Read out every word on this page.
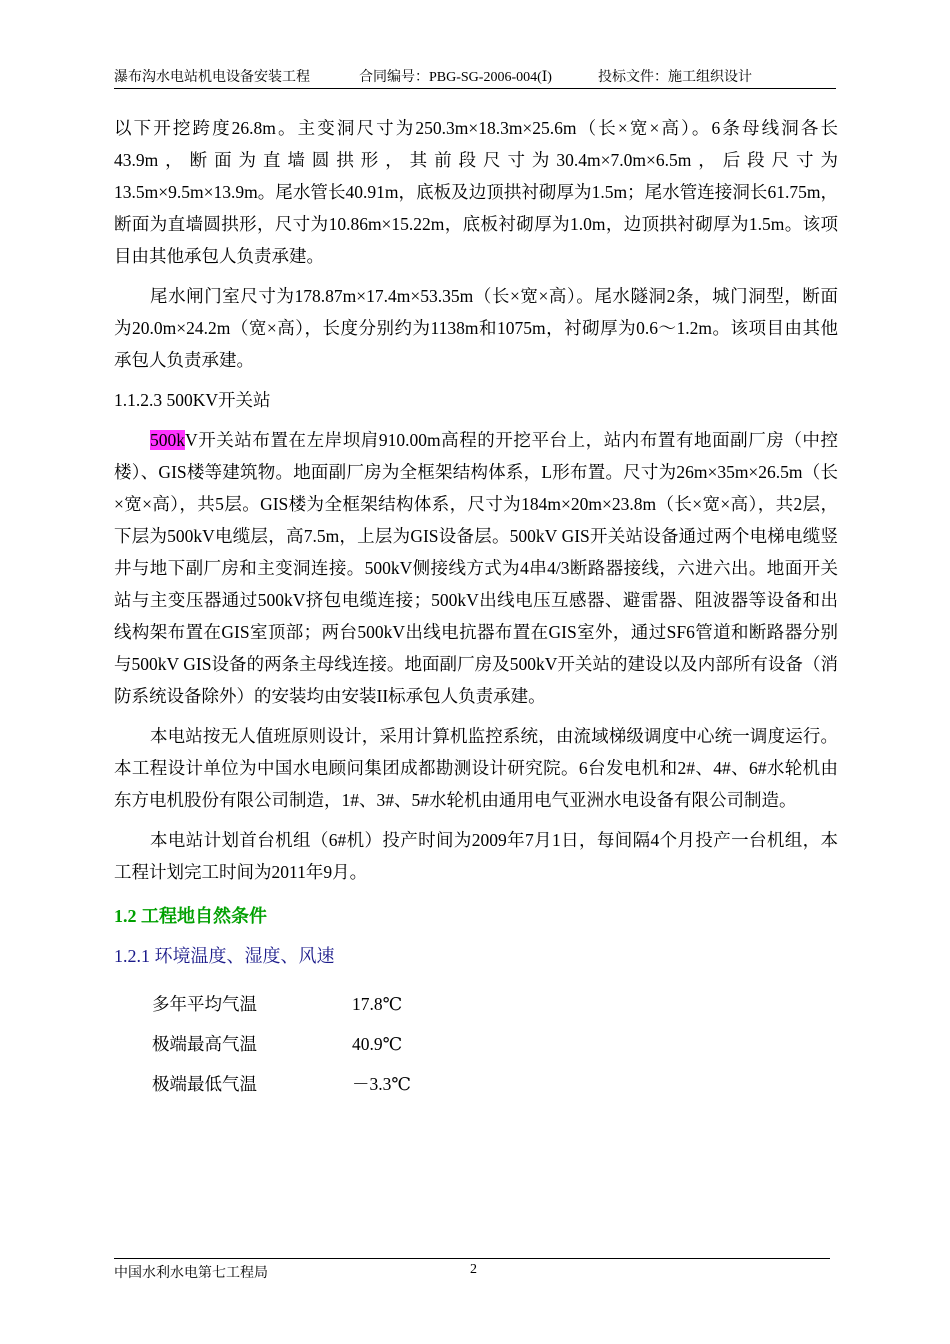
瀑布沟水电站机电设备安装工程	合同编号：PBG-SG-2006-004(Ⅰ)	投标文件：施工组织设计

以下开挖跨度26.8m。主变洞尺寸为250.3m×18.3m×25.6m（长×宽×高）。6条母线洞各长43.9m，断面为直墙圆拱形，其前段尺寸为30.4m×7.0m×6.5m，后段尺寸为13.5m×9.5m×13.9m。尾水管长40.91m，底板及边顶拱衬砌厚为1.5m；尾水管连接洞长61.75m，断面为直墙圆拱形，尺寸为10.86m×15.22m，底板衬砌厚为1.0m，边顶拱衬砌厚为1.5m。该项目由其他承包人负责承建。

尾水闸门室尺寸为178.87m×17.4m×53.35m（长×宽×高）。尾水隧洞2条，城门洞型，断面为20.0m×24.2m（宽×高），长度分别约为1138m和1075m，衬砌厚为0.6～1.2m。该项目由其他承包人负责承建。

1.1.2.3 500KV开关站

500kV开关站布置在左岸坝肩910.00m高程的开挖平台上，站内布置有地面副厂房（中控楼）、GIS楼等建筑物。地面副厂房为全框架结构体系，L形布置。尺寸为26m×35m×26.5m（长×宽×高），共5层。GIS楼为全框架结构体系，尺寸为184m×20m×23.8m（长×宽×高），共2层，下层为500kV电缆层，高7.5m，上层为GIS设备层。500kV GIS开关站设备通过两个电梯电缆竖井与地下副厂房和主变洞连接。500kV侧接线方式为4串4/3断路器接线，六进六出。地面开关站与主变压器通过500kV挤包电缆连接；500kV出线电压互感器、避雷器、阻波器等设备和出线构架布置在GIS室顶部；两台500kV出线电抗器布置在GIS室外，通过SF6管道和断路器分别与500kV GIS设备的两条主母线连接。地面副厂房及500kV开关站的建设以及内部所有设备（消防系统设备除外）的安装均由安装II标承包人负责承建。

本电站按无人值班原则设计，采用计算机监控系统，由流域梯级调度中心统一调度运行。本工程设计单位为中国水电顾问集团成都勘测设计研究院。6台发电机和2#、4#、6#水轮机由东方电机股份有限公司制造，1#、3#、5#水轮机由通用电气亚洲水电设备有限公司制造。

本电站计划首台机组（6#机）投产时间为2009年7月1日，每间隔4个月投产一台机组，本工程计划完工时间为2011年9月。

1.2 工程地自然条件
1.2.1 环境温度、湿度、风速
多年平均气温	17.8℃
极端最高气温	40.9℃
极端最低气温	－3.3℃
中国水利水电第七工程局	2
